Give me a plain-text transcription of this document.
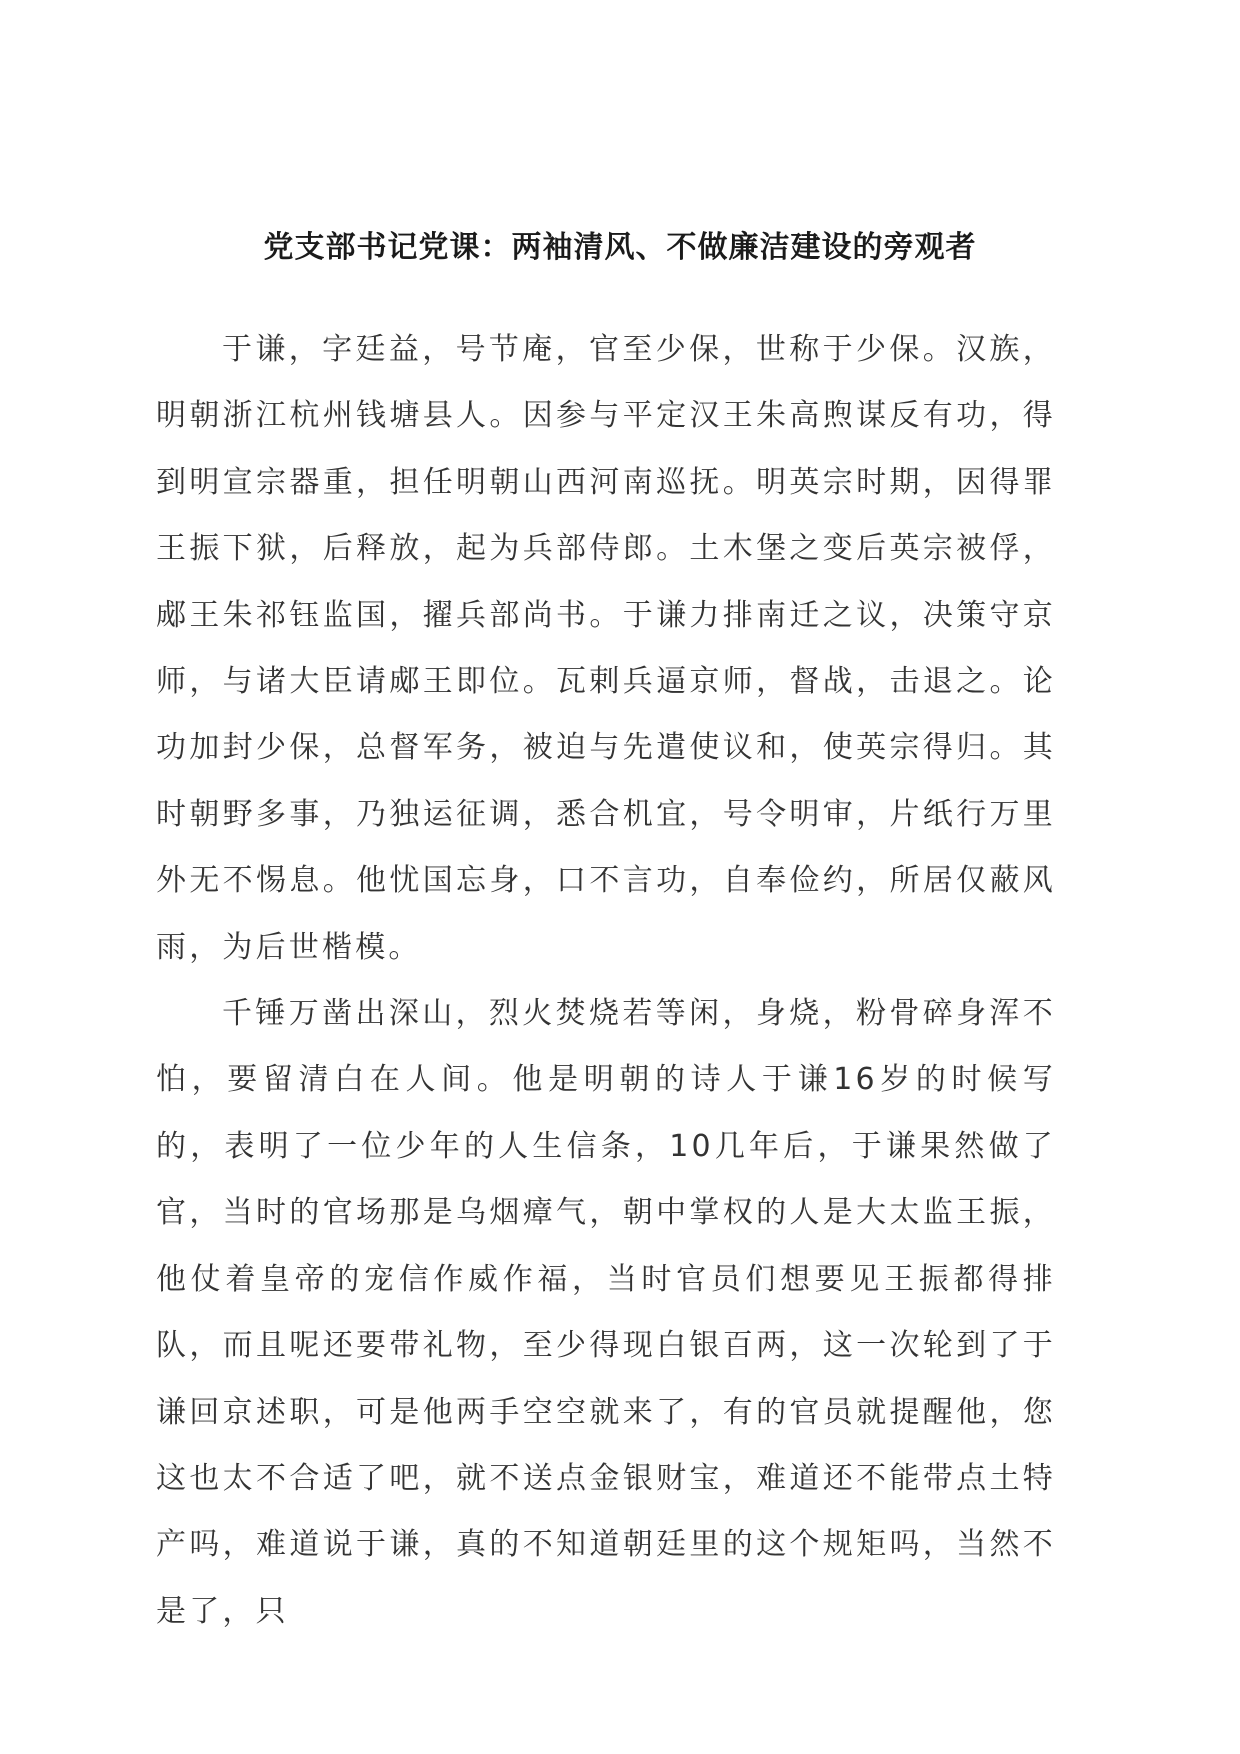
党支部书记党课：两袖清风、不做廉洁建设的旁观者

于谦，字廷益，号节庵，官至少保，世称于少保。汉族，明朝浙江杭州钱塘县人。因参与平定汉王朱高煦谋反有功，得到明宣宗器重，担任明朝山西河南巡抚。明英宗时期，因得罪王振下狱，后释放，起为兵部侍郎。土木堡之变后英宗被俘，郕王朱祁钰监国，擢兵部尚书。于谦力排南迁之议，决策守京师，与诸大臣请郕王即位。瓦剌兵逼京师，督战，击退之。论功加封少保，总督军务，被迫与先遣使议和，使英宗得归。其时朝野多事，乃独运征调，悉合机宜，号令明审，片纸行万里外无不惕息。他忧国忘身，口不言功，自奉俭约，所居仅蔽风雨，为后世楷模。

千锤万凿出深山，烈火焚烧若等闲，身烧，粉骨碎身浑不怕，要留清白在人间。他是明朝的诗人于谦16岁的时候写的，表明了一位少年的人生信条，10几年后，于谦果然做了官，当时的官场那是乌烟瘴气，朝中掌权的人是大太监王振，他仗着皇帝的宠信作威作福，当时官员们想要见王振都得排队，而且呢还要带礼物，至少得现白银百两，这一次轮到了于谦回京述职，可是他两手空空就来了，有的官员就提醒他，您这也太不合适了吧，就不送点金银财宝，难道还不能带点土特产吗，难道说于谦，真的不知道朝廷里的这个规矩吗，当然不是了，只
